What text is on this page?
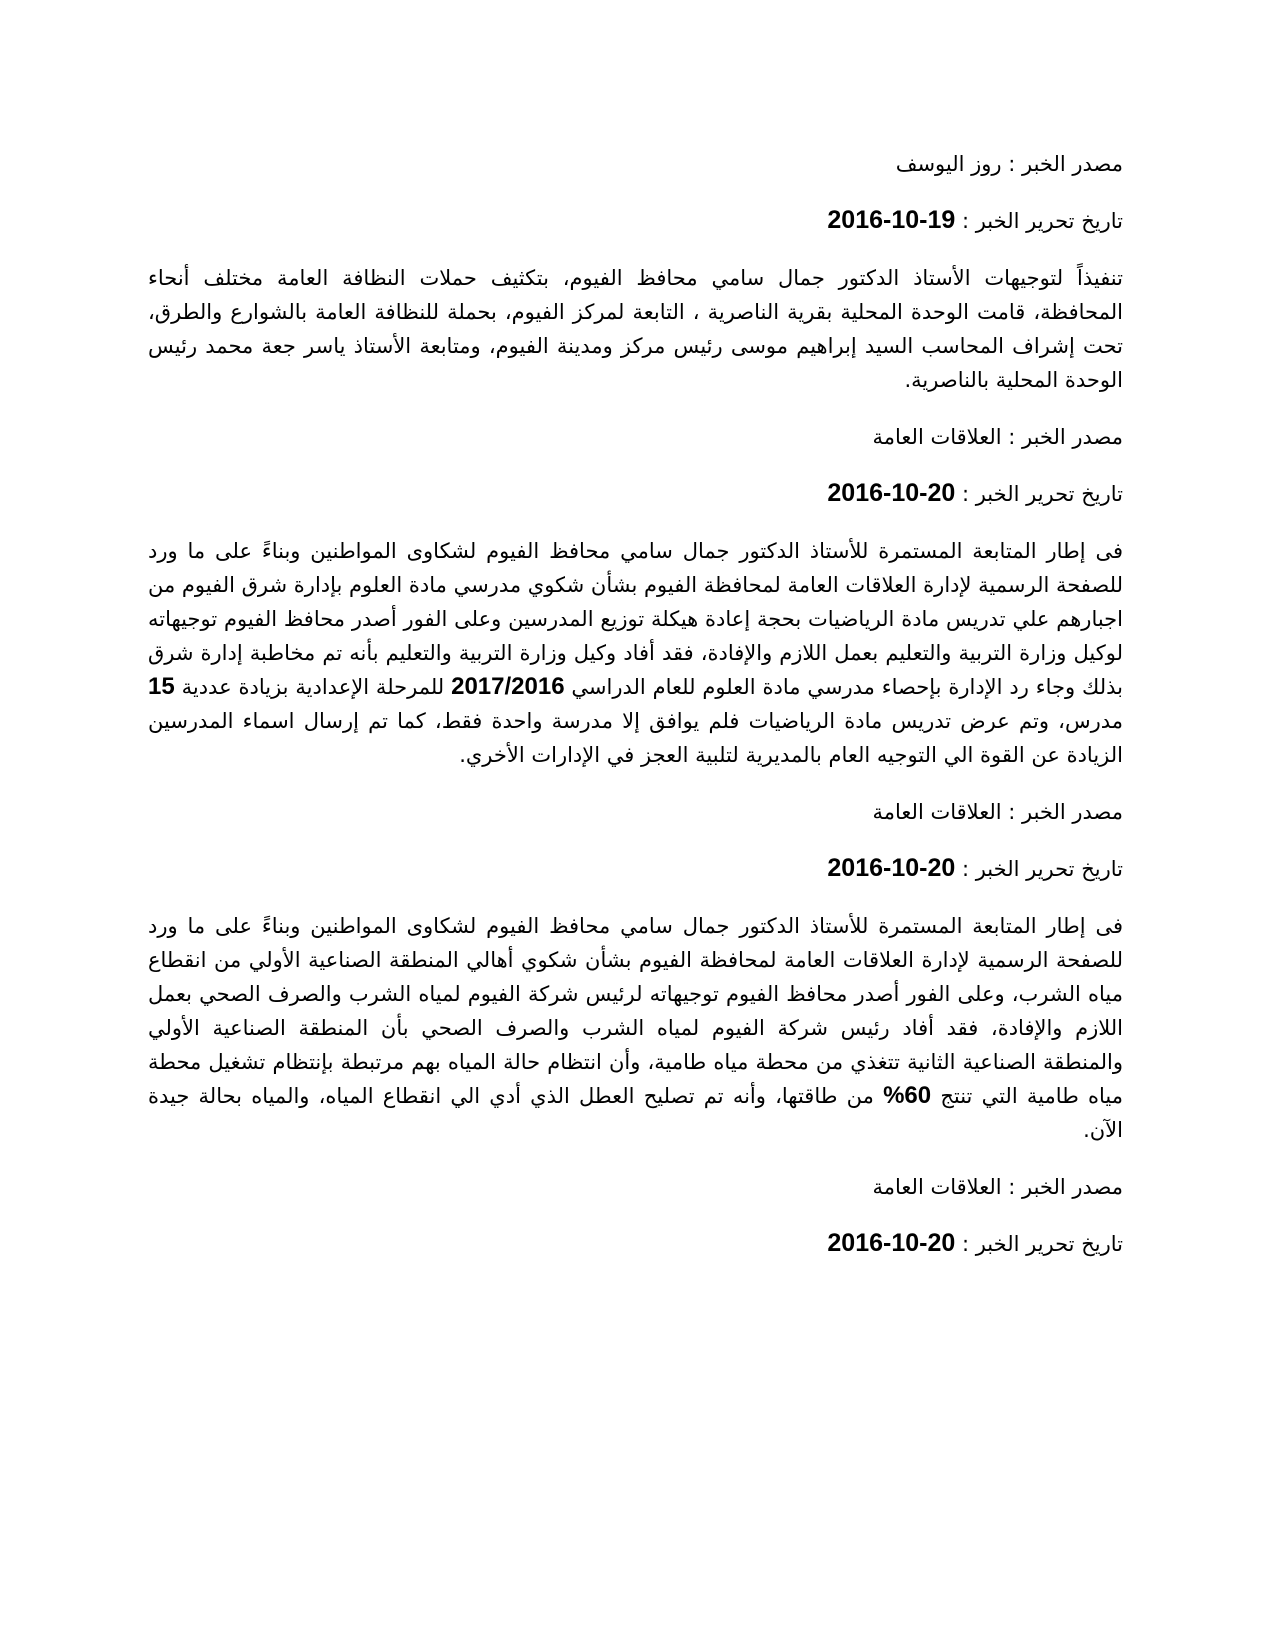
مصدر الخبر : روز اليوسف

تاريخ تحرير الخبر : 2016-10-19

تنفيذاً لتوجيهات الأستاذ الدكتور جمال سامي محافظ الفيوم، بتكثيف حملات النظافة العامة مختلف أنحاء المحافظة، قامت الوحدة المحلية بقرية الناصرية ، التابعة لمركز الفيوم، بحملة للنظافة العامة بالشوارع والطرق، تحت إشراف المحاسب السيد إبراهيم موسى رئيس مركز ومدينة الفيوم، ومتابعة الأستاذ ياسر جعة محمد رئيس الوحدة المحلية بالناصرية.

مصدر الخبر : العلاقات العامة

تاريخ تحرير الخبر : 2016-10-20

فى إطار المتابعة المستمرة للأستاذ الدكتور جمال سامي محافظ الفيوم لشكاوى المواطنين وبناءً على ما ورد للصفحة الرسمية لإدارة العلاقات العامة لمحافظة الفيوم بشأن شكوي مدرسي مادة العلوم بإدارة شرق الفيوم من اجبارهم علي تدريس مادة الرياضيات بحجة إعادة هيكلة توزيع المدرسين وعلى الفور أصدر محافظ الفيوم توجيهاته لوكيل وزارة التربية والتعليم بعمل اللازم والإفادة، فقد أفاد وكيل وزارة التربية والتعليم بأنه تم مخاطبة إدارة شرق بذلك وجاء رد الإدارة بإحصاء مدرسي مادة العلوم للعام الدراسي 2017/2016 للمرحلة الإعدادية بزيادة عددية 15 مدرس، وتم عرض تدريس مادة الرياضيات فلم يوافق إلا مدرسة واحدة فقط، كما تم إرسال اسماء المدرسين الزيادة عن القوة الي التوجيه العام بالمديرية لتلبية العجز في الإدارات الأخري.

مصدر الخبر : العلاقات العامة

تاريخ تحرير الخبر : 2016-10-20

فى إطار المتابعة المستمرة للأستاذ الدكتور جمال سامي محافظ الفيوم لشكاوى المواطنين وبناءً على ما ورد للصفحة الرسمية لإدارة العلاقات العامة لمحافظة الفيوم بشأن شكوي أهالي المنطقة الصناعية الأولي من انقطاع مياه الشرب، وعلى الفور أصدر محافظ الفيوم توجيهاته لرئيس شركة الفيوم لمياه الشرب والصرف الصحي بعمل اللازم والإفادة، فقد أفاد رئيس شركة الفيوم لمياه الشرب والصرف الصحي بأن المنطقة الصناعية الأولي والمنطقة الصناعية الثانية تتغذي من محطة مياه طامية، وأن انتظام حالة المياه بهم مرتبطة بإنتظام تشغيل محطة مياه طامية التي تنتج 60% من طاقتها، وأنه تم تصليح العطل الذي أدي الي انقطاع المياه، والمياه بحالة جيدة الآن.

مصدر الخبر : العلاقات العامة

تاريخ تحرير الخبر : 2016-10-20
